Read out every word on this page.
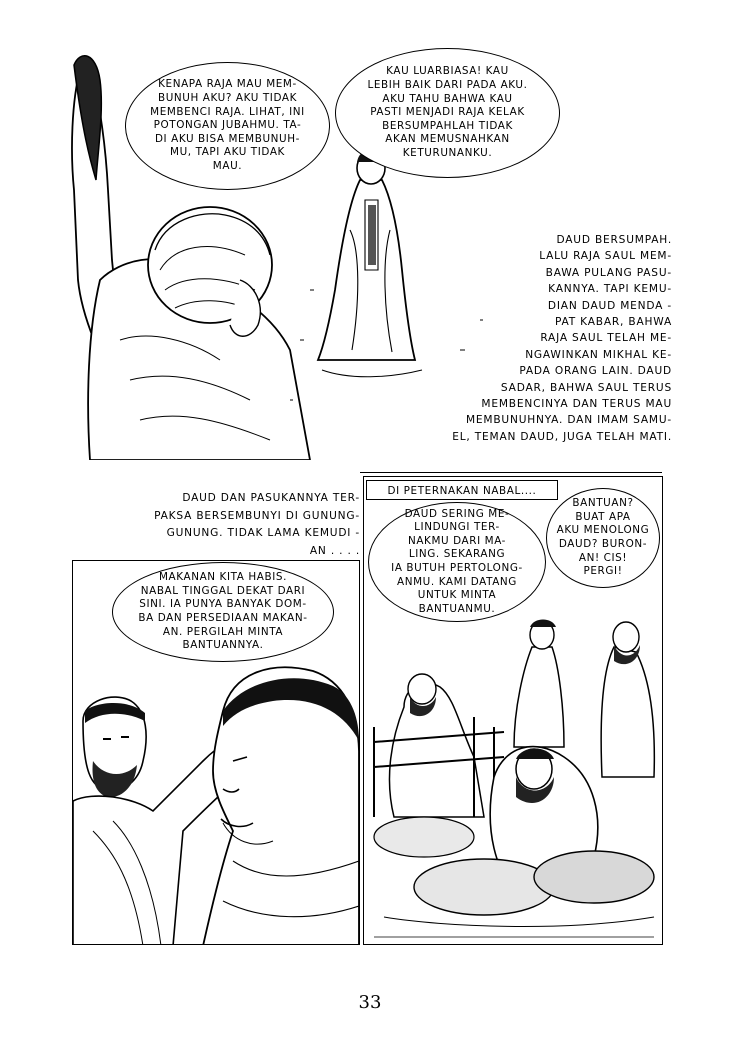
KENAPA RAJA MAU MEM-
BUNUH AKU? AKU TIDAK
MEMBENCI RAJA. LIHAT, INI
POTONGAN JUBAHMU. TA-
DI AKU BISA MEMBUNUH-
MU, TAPI AKU TIDAK
MAU.
KAU LUARBIASA! KAU
LEBIH BAIK DARI PADA AKU.
AKU TAHU BAHWA KAU
PASTI MENJADI RAJA KELAK
BERSUMPAHLAH TIDAK
AKAN MEMUSNAHKAN
KETURUNANKU.
DAUD BERSUMPAH.
LALU RAJA SAUL MEM-
BAWA PULANG PASU-
KANNYA. TAPI KEMU-
DIAN DAUD MENDA -
PAT KABAR, BAHWA
RAJA SAUL TELAH ME-
NGAWINKAN MIKHAL KE-
PADA ORANG LAIN. DAUD
SADAR, BAHWA SAUL TERUS
MEMBENCINYA DAN TERUS MAU
MEMBUNUHNYA. DAN IMAM SAMU-
EL, TEMAN DAUD, JUGA TELAH MATI.
DAUD DAN PASUKANNYA TER-
PAKSA BERSEMBUNYI DI GUNUNG-
GUNUNG. TIDAK LAMA KEMUDI -
AN . . . .
MAKANAN KITA HABIS.
NABAL TINGGAL DEKAT DARI
SINI. IA PUNYA BANYAK DOM-
BA DAN PERSEDIAAN MAKAN-
AN. PERGILAH MINTA
BANTUANNYA.
DI PETERNAKAN NABAL....
DAUD SERING ME-
LINDUNGI TER-
NAKMU DARI MA-
LING. SEKARANG
IA BUTUH PERTOLONG-
ANMU. KAMI DATANG
UNTUK MINTA
BANTUANMU.
BANTUAN?
BUAT APA
AKU MENOLONG
DAUD? BURON-
AN! CIS!
PERGI!
33
